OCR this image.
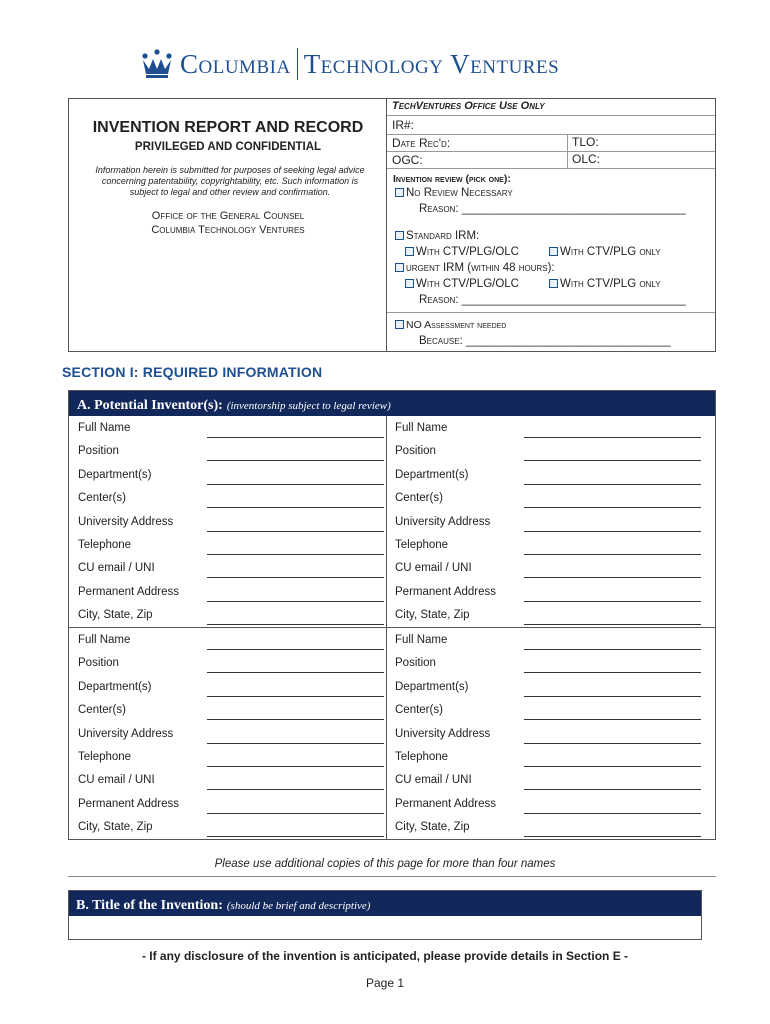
Columbia Technology Ventures
INVENTION REPORT AND RECORD
PRIVILEGED AND CONFIDENTIAL
Information herein is submitted for purposes of seeking legal advice concerning patentability, copyrightability, etc. Such information is subject to legal and other review and confirmation.
Office of the General Counsel
Columbia Technology Ventures
TechVentures Office Use Only
IR#:
Date Rec'd:	TLO:
OGC:	OLC:
Invention review (pick one):
No Review Necessary
Reason: ___________________________________
Standard IRM:
With CTV/PLG/OLC	With CTV/PLG only
urgent IRM (within 48 hours):
With CTV/PLG/OLC	With CTV/PLG only
Reason: ___________________________________
NO Assessment needed
Because: ________________________________
SECTION I: REQUIRED INFORMATION
A. Potential Inventor(s): (inventorship subject to legal review)
Full Name
Position
Department(s)
Center(s)
University Address
Telephone
CU email / UNI
Permanent Address
City, State, Zip
Full Name
Position
Department(s)
Center(s)
University Address
Telephone
CU email / UNI
Permanent Address
City, State, Zip
Full Name
Position
Department(s)
Center(s)
University Address
Telephone
CU email / UNI
Permanent Address
City, State, Zip
Full Name
Position
Department(s)
Center(s)
University Address
Telephone
CU email / UNI
Permanent Address
City, State, Zip
Please use additional copies of this page for more than four names
B. Title of the Invention: (should be brief and descriptive)
- If any disclosure of the invention is anticipated, please provide details in Section E -
Page 1
